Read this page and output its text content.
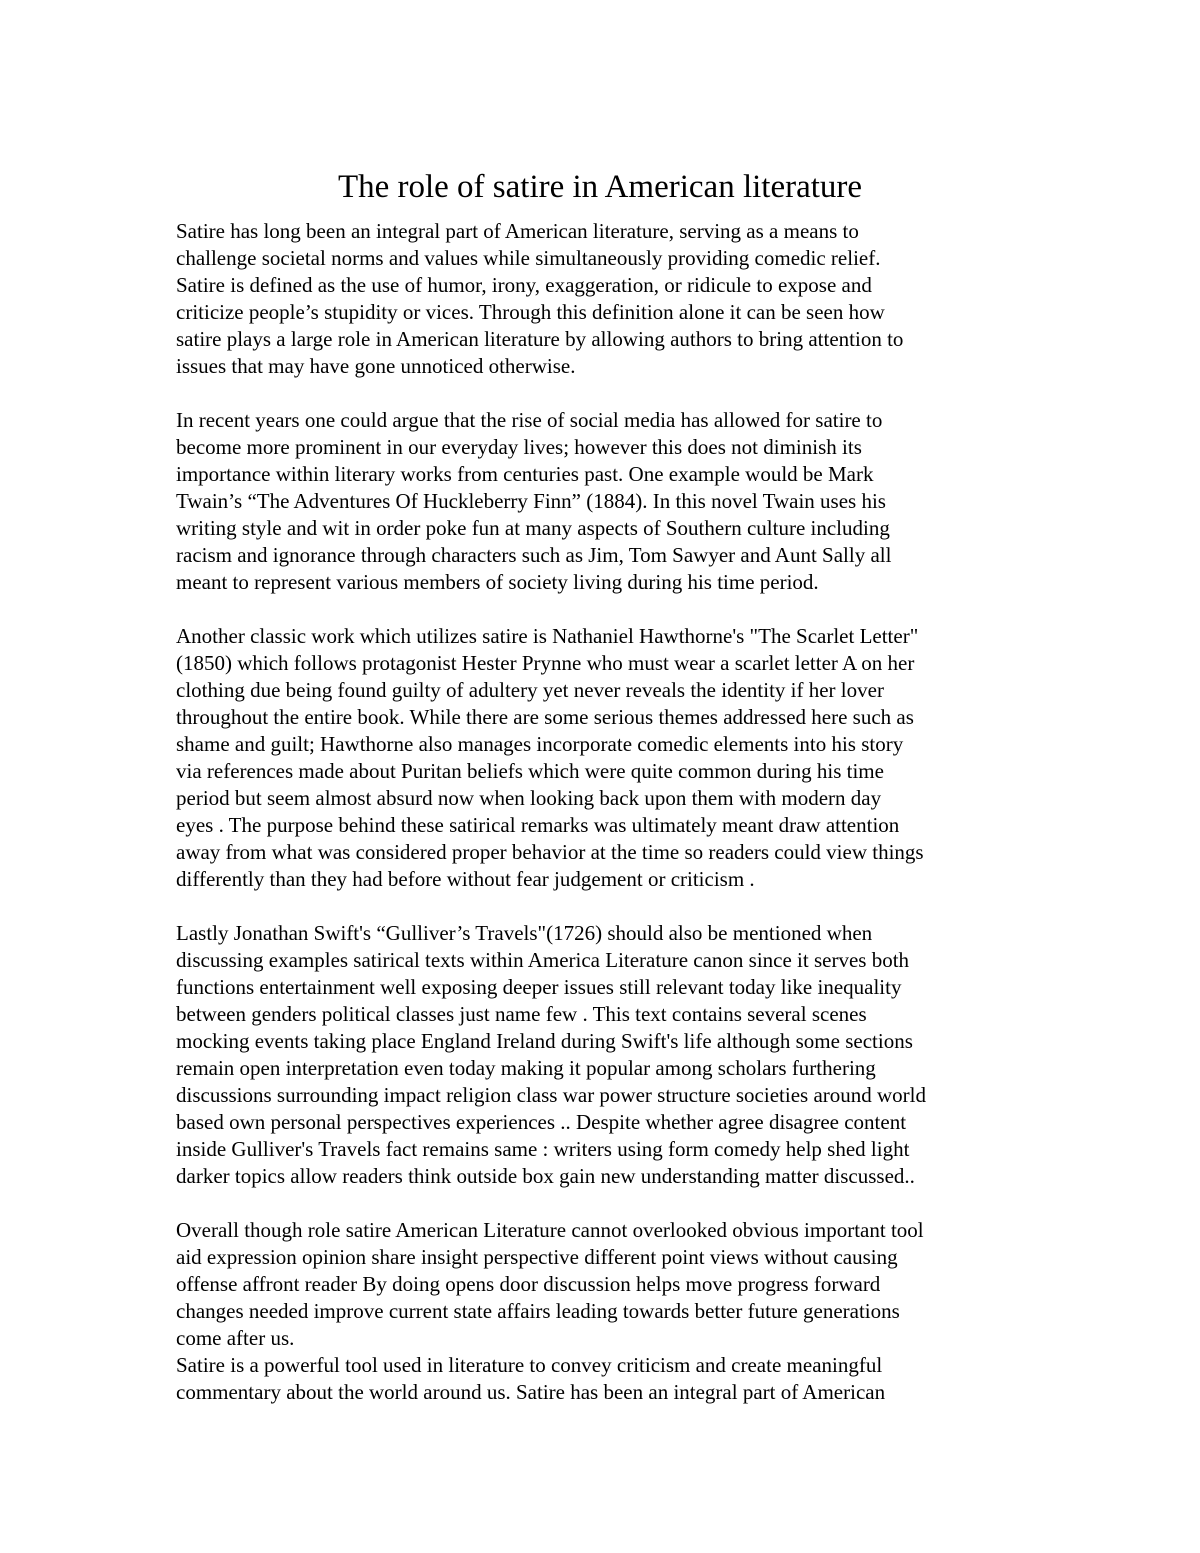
The role of satire in American literature
Satire has long been an integral part of American literature, serving as a means to
challenge societal norms and values while simultaneously providing comedic relief.
Satire is defined as the use of humor, irony, exaggeration, or ridicule to expose and
criticize people’s stupidity or vices. Through this definition alone it can be seen how
satire plays a large role in American literature by allowing authors to bring attention to
issues that may have gone unnoticed otherwise.
In recent years one could argue that the rise of social media has allowed for satire to
become more prominent in our everyday lives; however this does not diminish its
importance within literary works from centuries past. One example would be Mark
Twain’s “The Adventures Of Huckleberry Finn” (1884). In this novel Twain uses his
writing style and wit in order poke fun at many aspects of Southern culture including
racism and ignorance through characters such as Jim, Tom Sawyer and Aunt Sally all
meant to represent various members of society living during his time period.
Another classic work which utilizes satire is Nathaniel Hawthorne's "The Scarlet Letter"
(1850) which follows protagonist Hester Prynne who must wear a scarlet letter A on her
clothing due being found guilty of adultery yet never reveals the identity if her lover
throughout the entire book. While there are some serious themes addressed here such as
shame and guilt; Hawthorne also manages incorporate comedic elements into his story
via references made about Puritan beliefs which were quite common during his time
period but seem almost absurd now when looking back upon them with modern day
eyes . The purpose behind these satirical remarks was ultimately meant draw attention
away from what was considered proper behavior at the time so readers could view things
differently than they had before without fear judgement or criticism .
Lastly Jonathan Swift's “Gulliver’s Travels"(1726) should also be mentioned when
discussing examples satirical texts within America Literature canon since it serves both
functions entertainment well exposing deeper issues still relevant today like inequality
between genders political classes just name few . This text contains several scenes
mocking events taking place England Ireland during Swift's life although some sections
remain open interpretation even today making it popular among scholars furthering
discussions surrounding impact religion class war power structure societies around world
based own personal perspectives experiences .. Despite whether agree disagree content
inside Gulliver's Travels fact remains same : writers using form comedy help shed light
darker topics allow readers think outside box gain new understanding matter discussed..
Overall though role satire American Literature cannot overlooked obvious important tool
aid expression opinion share insight perspective different point views without causing
offense affront reader By doing opens door discussion helps move progress forward
changes needed improve current state affairs leading towards better future generations
come after us.
Satire is a powerful tool used in literature to convey criticism and create meaningful
commentary about the world around us. Satire has been an integral part of American
